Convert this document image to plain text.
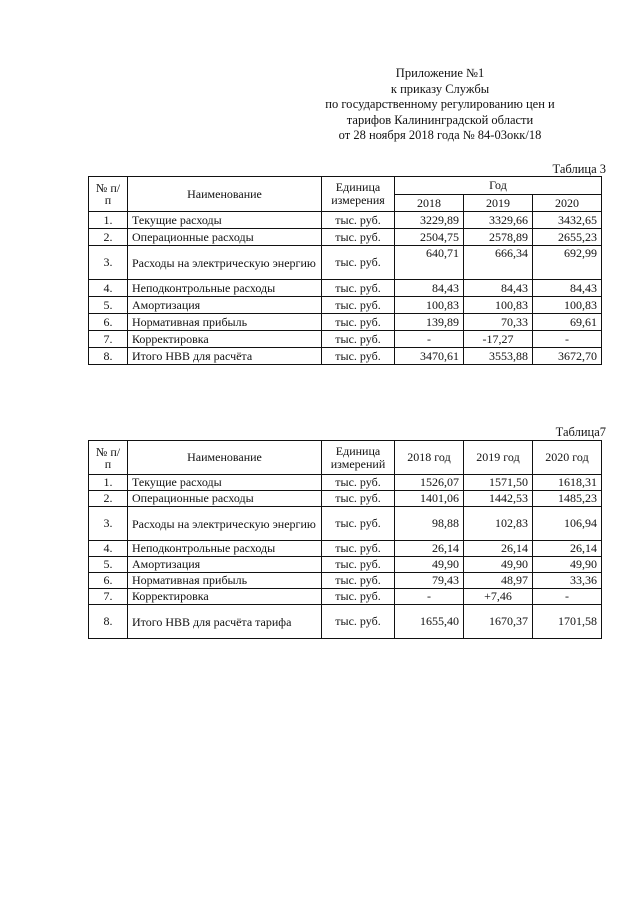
Приложение №1
к приказу Службы
по государственному регулированию цен и
тарифов Калининградской области
от 28 ноября 2018 года № 84-03окк/18
Таблица 3
№ п/п	Наименование	Единица измерения	Год		
			2018	2019	2020
1.	Текущие расходы	тыс. руб.	3229,89	3329,66	3432,65
2.	Операционные расходы	тыс. руб.	2504,75	2578,89	2655,23
3.	Расходы на электрическую энергию	тыс. руб.	640,71	666,34	692,99
4.	Неподконтрольные расходы	тыс. руб.	84,43	84,43	84,43
5.	Амортизация	тыс. руб.	100,83	100,83	100,83
6.	Нормативная прибыль	тыс. руб.	139,89	70,33	69,61
7.	Корректировка	тыс. руб.	-	-17,27	-
8.	Итого НВВ для расчёта	тыс. руб.	3470,61	3553,88	3672,70
Таблица7
№ п/п	Наименование	Единица измерений	2018 год	2019 год	2020 год
1.	Текущие расходы	тыс. руб.	1526,07	1571,50	1618,31
2.	Операционные расходы	тыс. руб.	1401,06	1442,53	1485,23
3.	Расходы на электрическую энергию	тыс. руб.	98,88	102,83	106,94
4.	Неподконтрольные расходы	тыс. руб.	26,14	26,14	26,14
5.	Амортизация	тыс. руб.	49,90	49,90	49,90
6.	Нормативная прибыль	тыс. руб.	79,43	48,97	33,36
7.	Корректировка	тыс. руб.	-	+7,46	-
8.	Итого НВВ для расчёта тарифа	тыс. руб.	1655,40	1670,37	1701,58
